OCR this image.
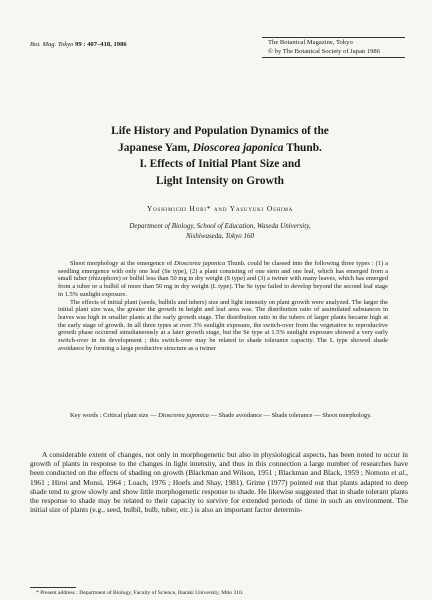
Bot. Mag. Tokyo 99 : 407–418, 1986	The Botanical Magazine, Tokyo
© by The Botanical Society of Japan 1986
Life History and Population Dynamics of the
Japanese Yam, Dioscorea japonica Thunb.
I. Effects of Initial Plant Size and
Light Intensity on Growth
Yoshimichi Hori* and Yasuyuki Oshima
Department of Biology, School of Education, Waseda University,
Nishiwaseda, Tokyo 160

Shoot morphology at the emergence of Dioscorea japonica Thunb. could be classed into the following three types : (1) a seedling emergence with only one leaf (Se type), (2) a plant consisting of one stem and one leaf, which has emerged from a small tuber (rhizophore) or bulbil less than 50 mg in dry weight (S type) and (3) a twiner with many leaves, which has emerged from a tuber or a bulbil of more than 50 mg in dry weight (L type). The Se type failed to develop beyond the second leaf stage in 1.5% sunlight exposure.

The effects of initial plant (seeds, bulbils and tubers) size and light intensity on plant growth were analyzed. The larger the initial plant size was, the greater the growth in height and leaf area was. The distribution ratio of assimilated substances in leaves was high in smaller plants at the early growth stage. The distribution ratio in the tubers of larger plants became high at the early stage of growth. In all three types at over 3% sunlight exposure, the switch-over from the vegetative to reproductive growth phase occurred simultaneously at a later growth stage, but the Se type at 1.5% sunlight exposure showed a very early switch-over in its development ; this switch-over may be related to shade tolerance capacity. The L type showed shade avoidance by forming a large productive structure as a twiner

Key words : Critical plant size — Dioscorea japonica — Shade avoidance — Shade tolerance — Shoot morphology.

A considerable extent of changes, not only in morphogenetic but also in physiological aspects, has been noted to occur in growth of plants in response to the changes in light intensity, and thus in this connection a large number of researches have been conducted on the effects of shading on growth (Blackman and Wilson, 1951 ; Blackman and Black, 1959 ; Nomoto et al., 1961 ; Hiroi and Monsi, 1964 ; Loach, 1976 ; Hoefs and Shay, 1981). Grime (1977) pointed out that plants adapted to deep shade tend to grow slowly and show little morphogenetic response to shade. He likewise suggested that in shade tolerant plants the response to shade may be related to their capacity to survive for extended periods of time in such an environment. The initial size of plants (e.g., seed, bulbil, bulb, tuber, etc.) is also an important factor determin-

* Present address : Department of Biology, Faculty of Science, Ibaraki University, Mito 310.
